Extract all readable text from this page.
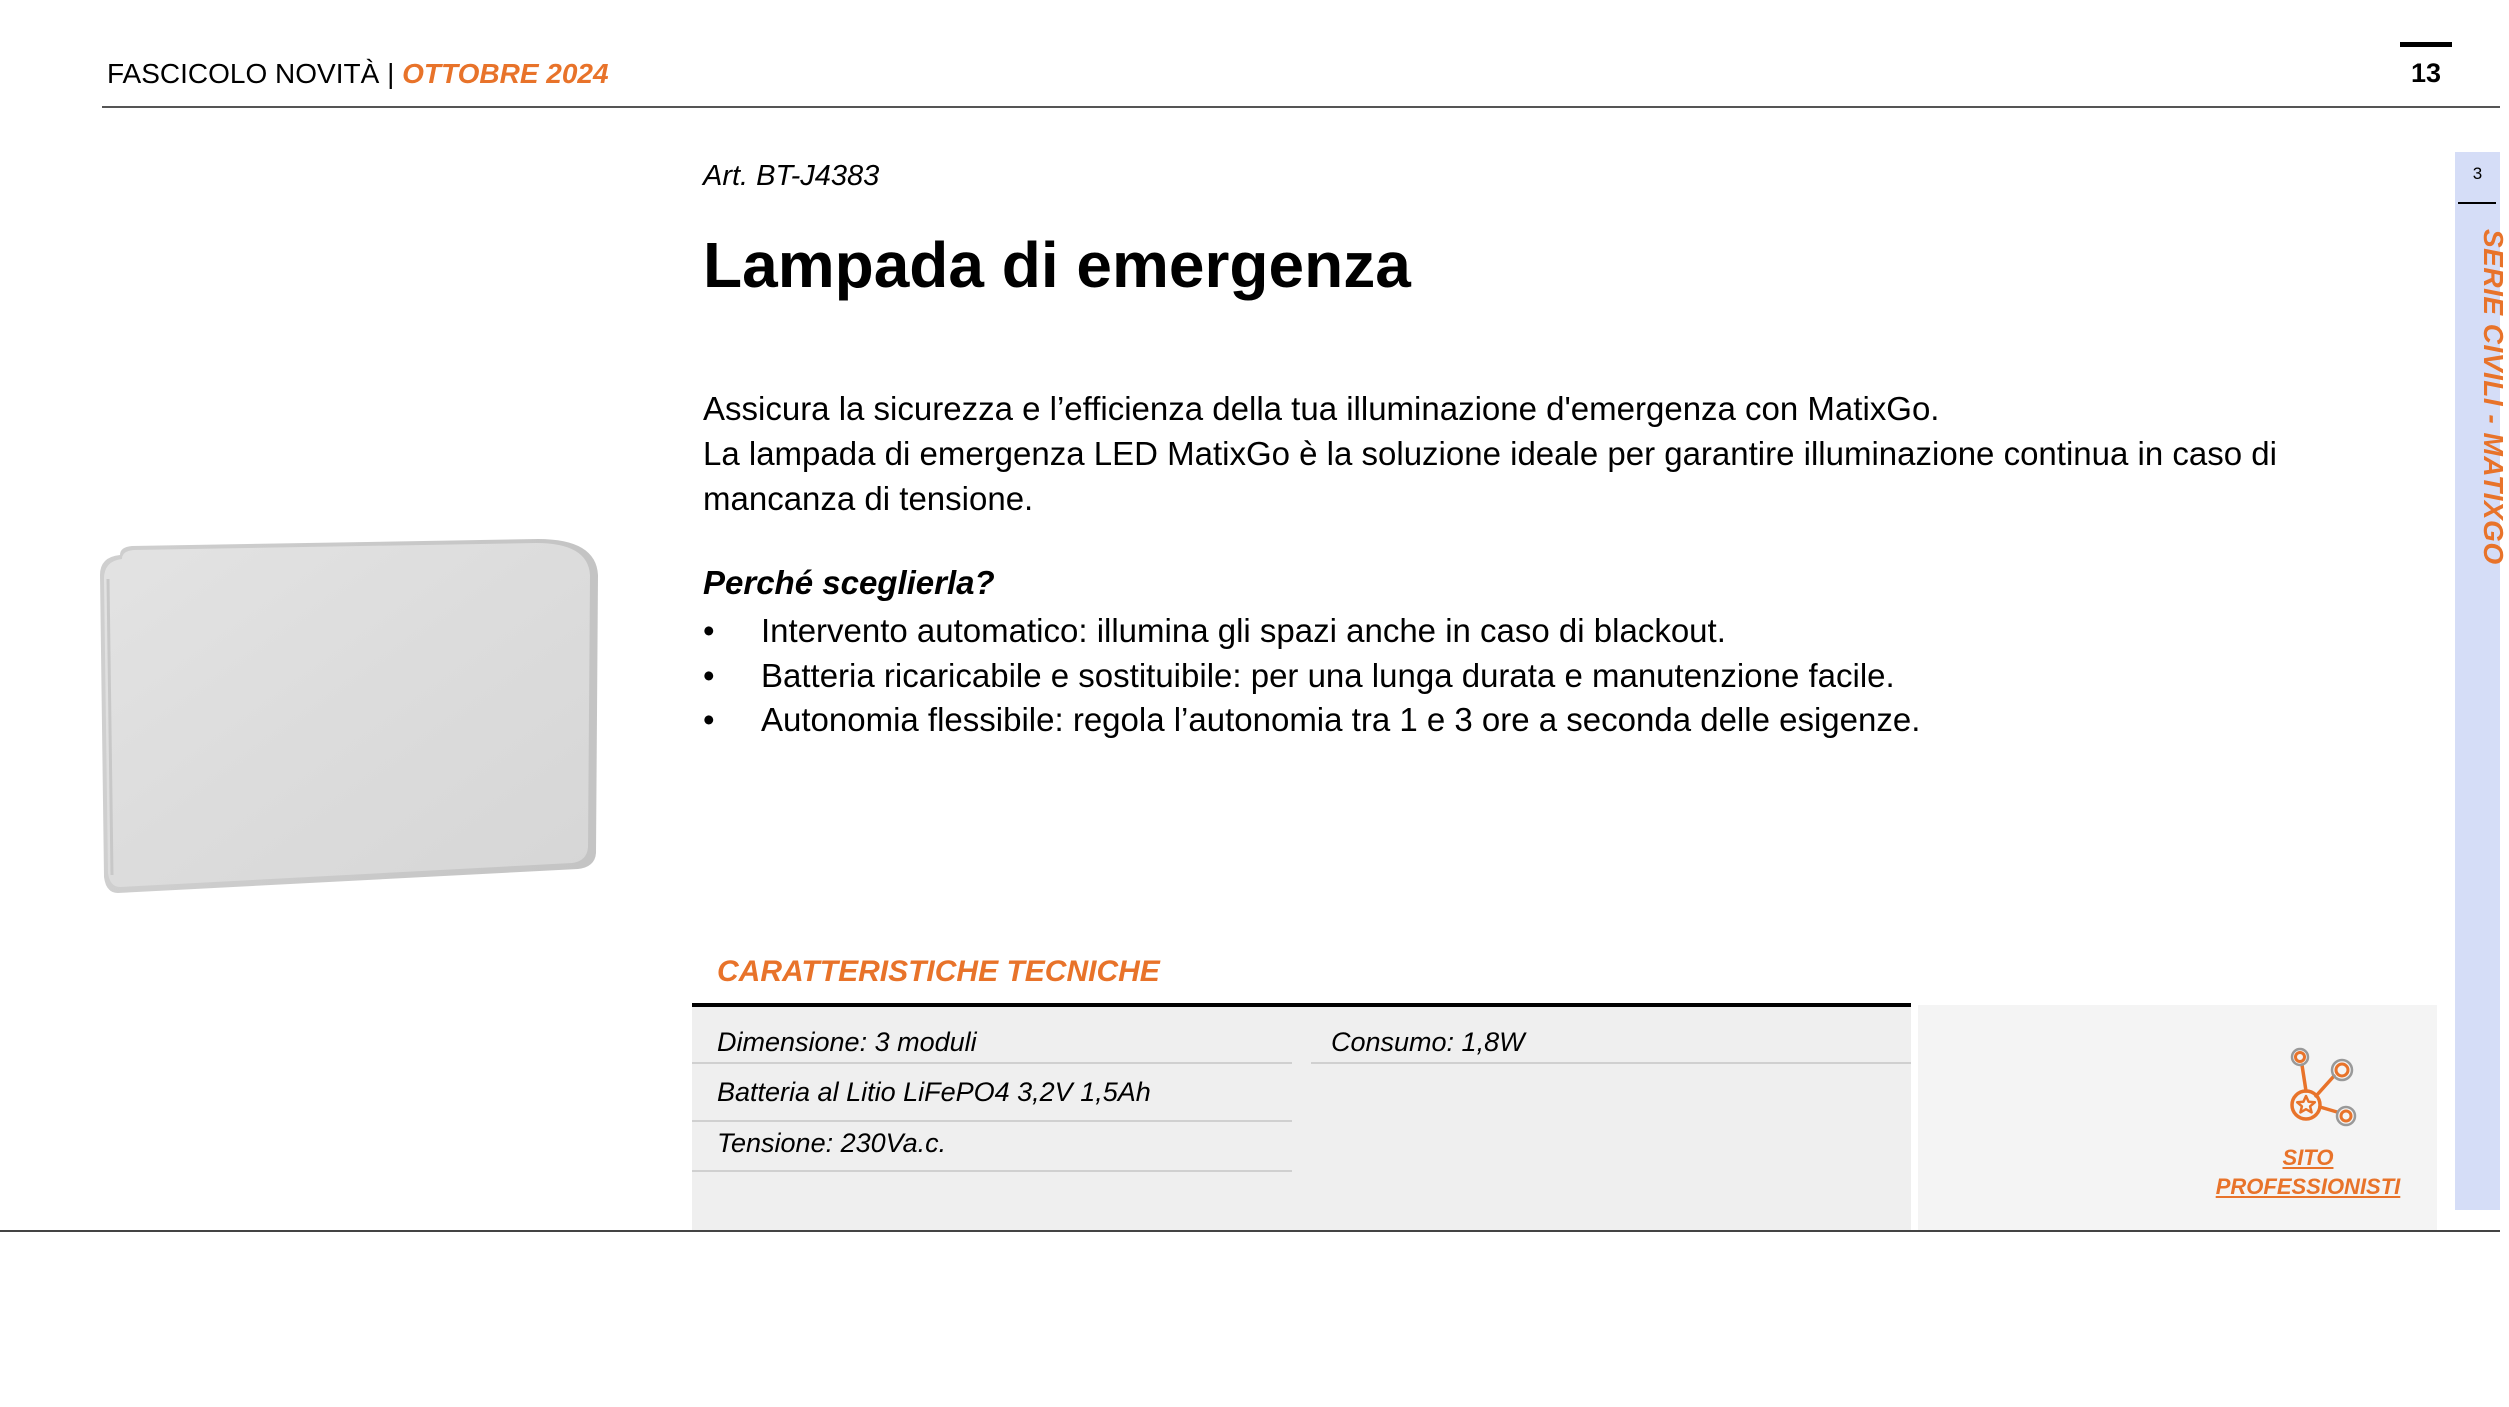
FASCICOLO NOVITÀ | OTTOBRE 2024	13
3
SERIE CIVILI - MATIXGO
Art. BT-J4383
Lampada di emergenza

Assicura la sicurezza e l’efficienza della tua illuminazione d'emergenza con MatixGo.

La lampada di emergenza LED MatixGo è la soluzione ideale per garantire illuminazione continua in caso di mancanza di tensione.

Perché sceglierla?
• Intervento automatico: illumina gli spazi anche in caso di blackout.
• Batteria ricaricabile e sostituibile: per una lunga durata e manutenzione facile.
• Autonomia flessibile: regola l’autonomia tra 1 e 3 ore a seconda delle esigenze.
CARATTERISTICHE TECNICHE
Dimensione: 3 moduli
Batteria al Litio LiFePO4 3,2V 1,5Ah
Tensione: 230Va.c.
Consumo: 1,8W
SITO
PROFESSIONISTI
